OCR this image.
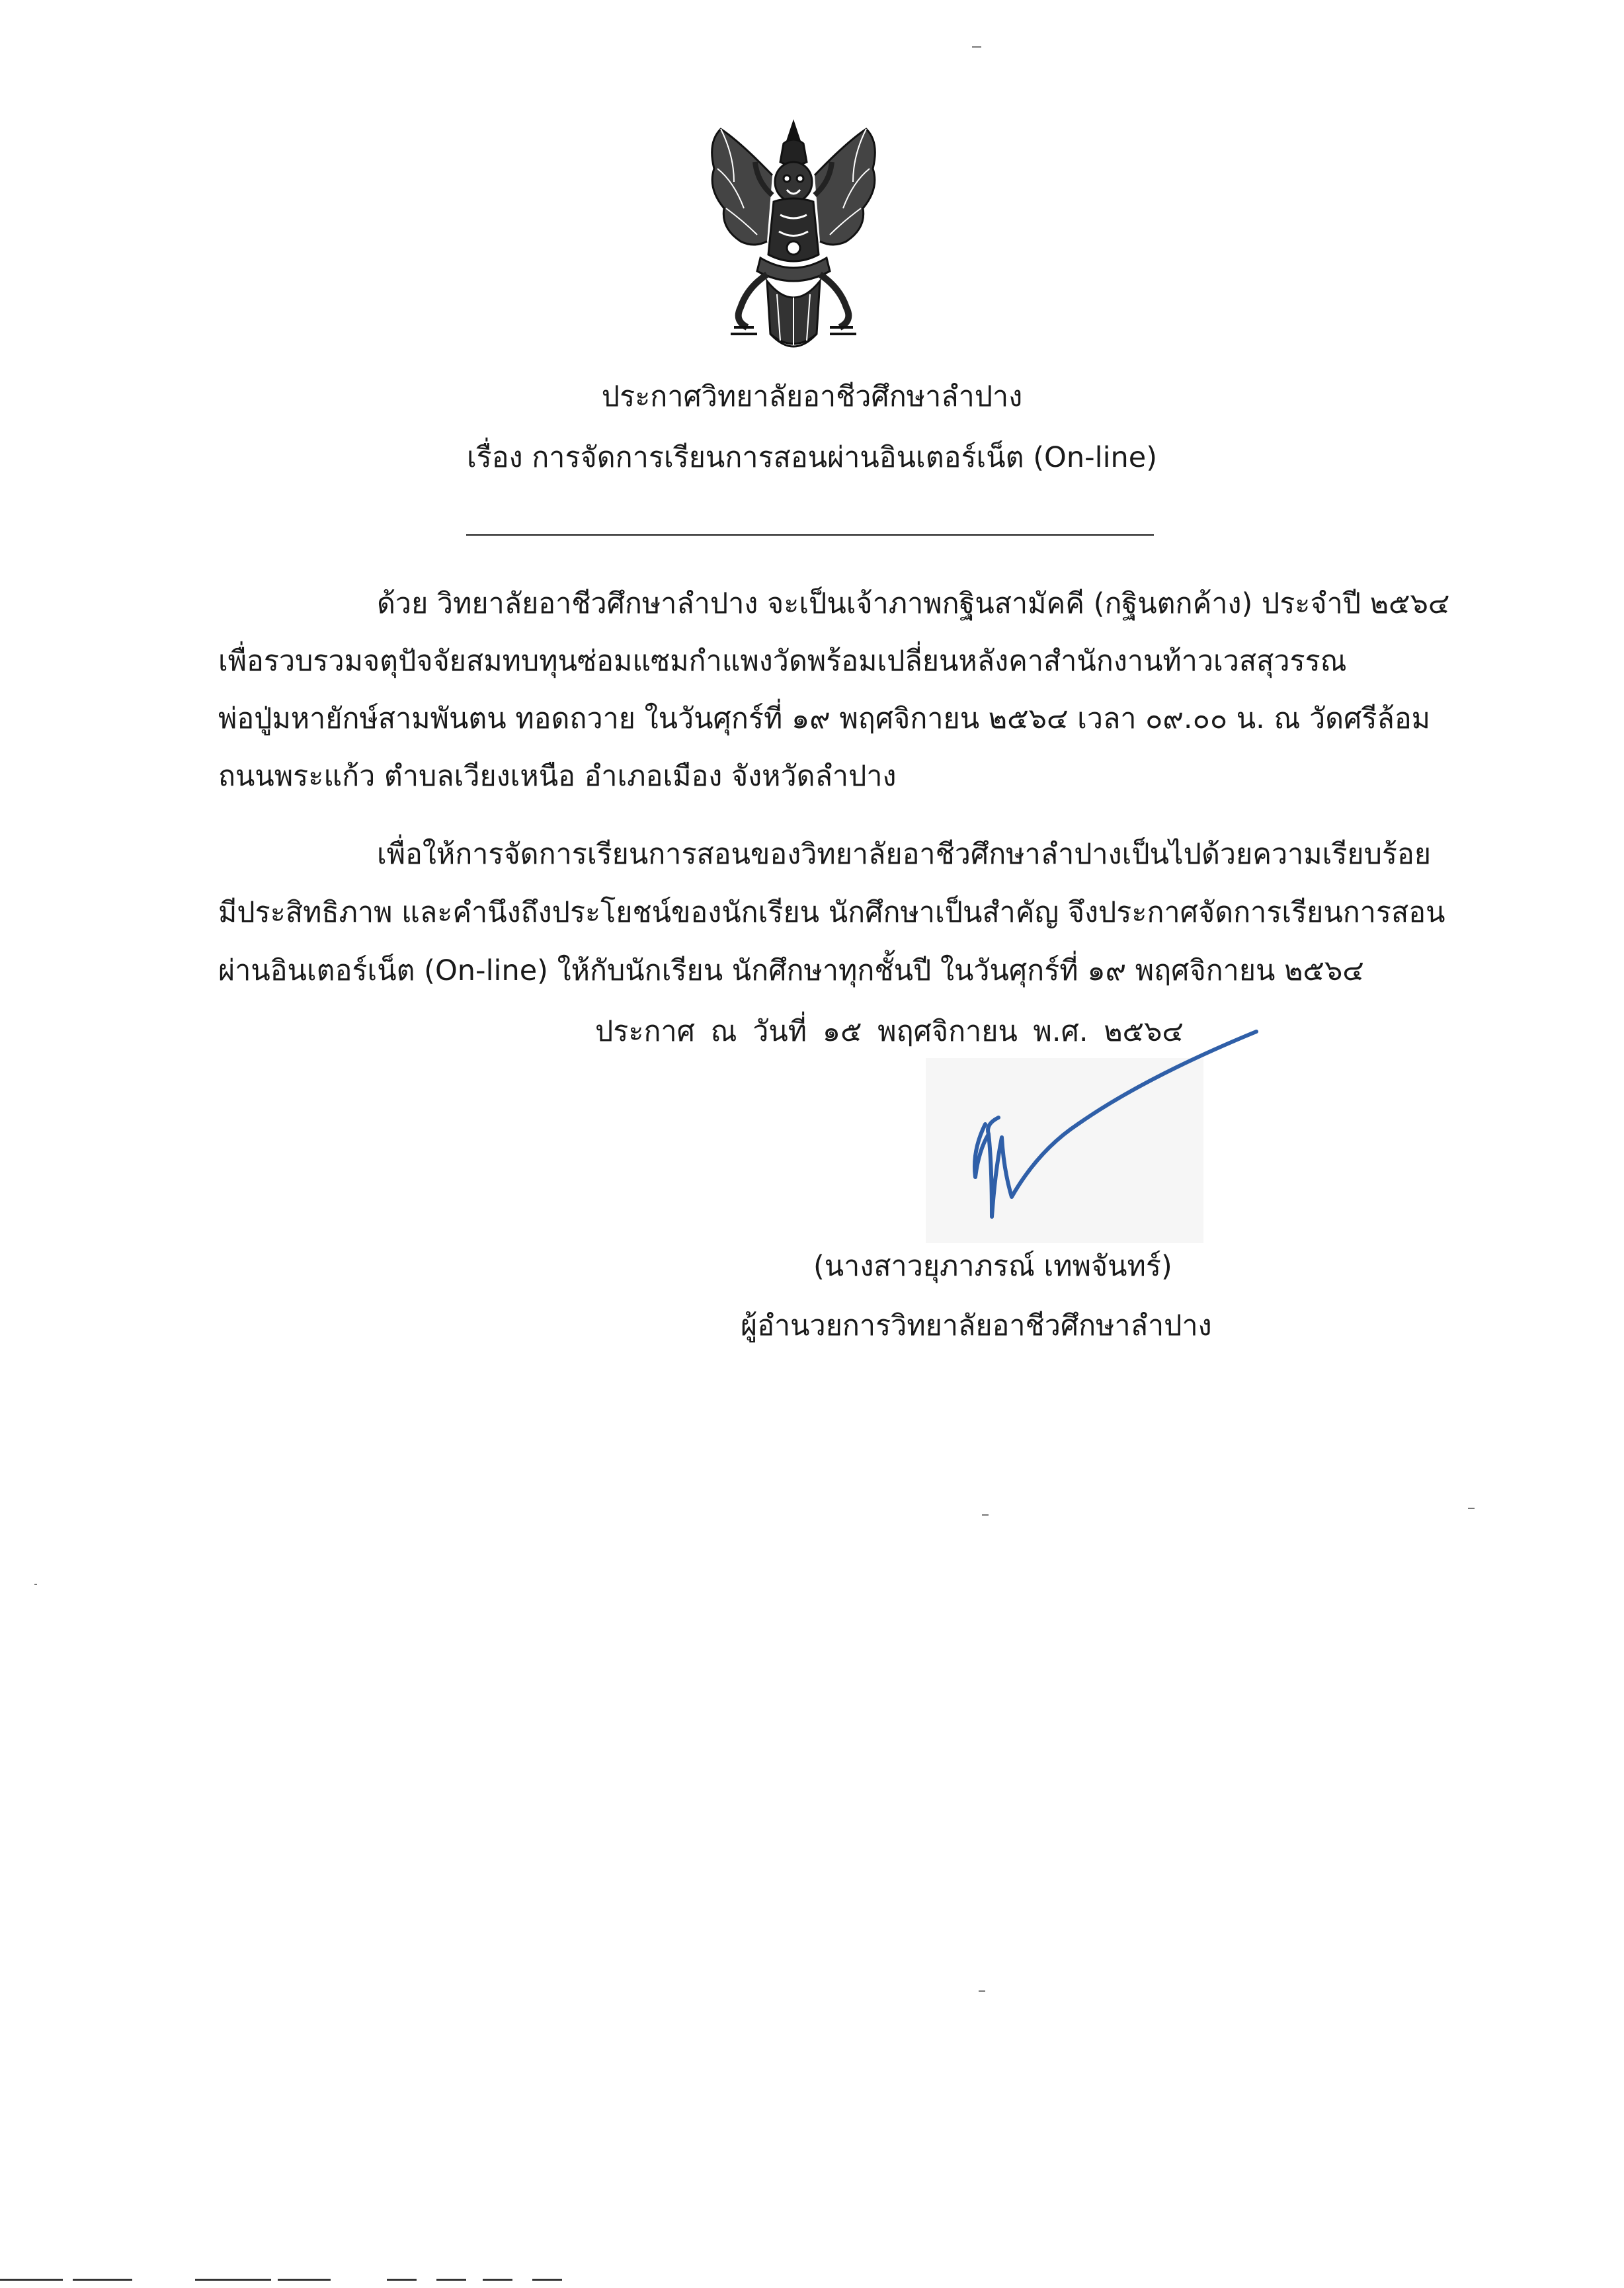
ประกาศวิทยาลัยอาชีวศึกษาลำปาง
เรื่อง การจัดการเรียนการสอนผ่านอินเตอร์เน็ต (On-line)
ด้วย วิทยาลัยอาชีวศึกษาลำปาง จะเป็นเจ้าภาพกฐินสามัคคี (กฐินตกค้าง) ประจำปี ๒๕๖๔
เพื่อรวบรวมจตุปัจจัยสมทบทุนซ่อมแซมกำแพงวัดพร้อมเปลี่ยนหลังคาสำนักงานท้าวเวสสุวรรณ
พ่อปู่มหายักษ์สามพันตน ทอดถวาย ในวันศุกร์ที่ ๑๙ พฤศจิกายน ๒๕๖๔ เวลา ๐๙.๐๐ น. ณ วัดศรีล้อม
ถนนพระแก้ว ตำบลเวียงเหนือ อำเภอเมือง จังหวัดลำปาง
เพื่อให้การจัดการเรียนการสอนของวิทยาลัยอาชีวศึกษาลำปางเป็นไปด้วยความเรียบร้อย
มีประสิทธิภาพ และคำนึงถึงประโยชน์ของนักเรียน นักศึกษาเป็นสำคัญ จึงประกาศจัดการเรียนการสอน
ผ่านอินเตอร์เน็ต (On-line) ให้กับนักเรียน นักศึกษาทุกชั้นปี ในวันศุกร์ที่ ๑๙ พฤศจิกายน ๒๕๖๔
ประกาศ ณ วันที่ ๑๕ พฤศจิกายน พ.ศ. ๒๕๖๔
(นางสาวยุภาภรณ์ เทพจันทร์)
ผู้อำนวยการวิทยาลัยอาชีวศึกษาลำปาง
